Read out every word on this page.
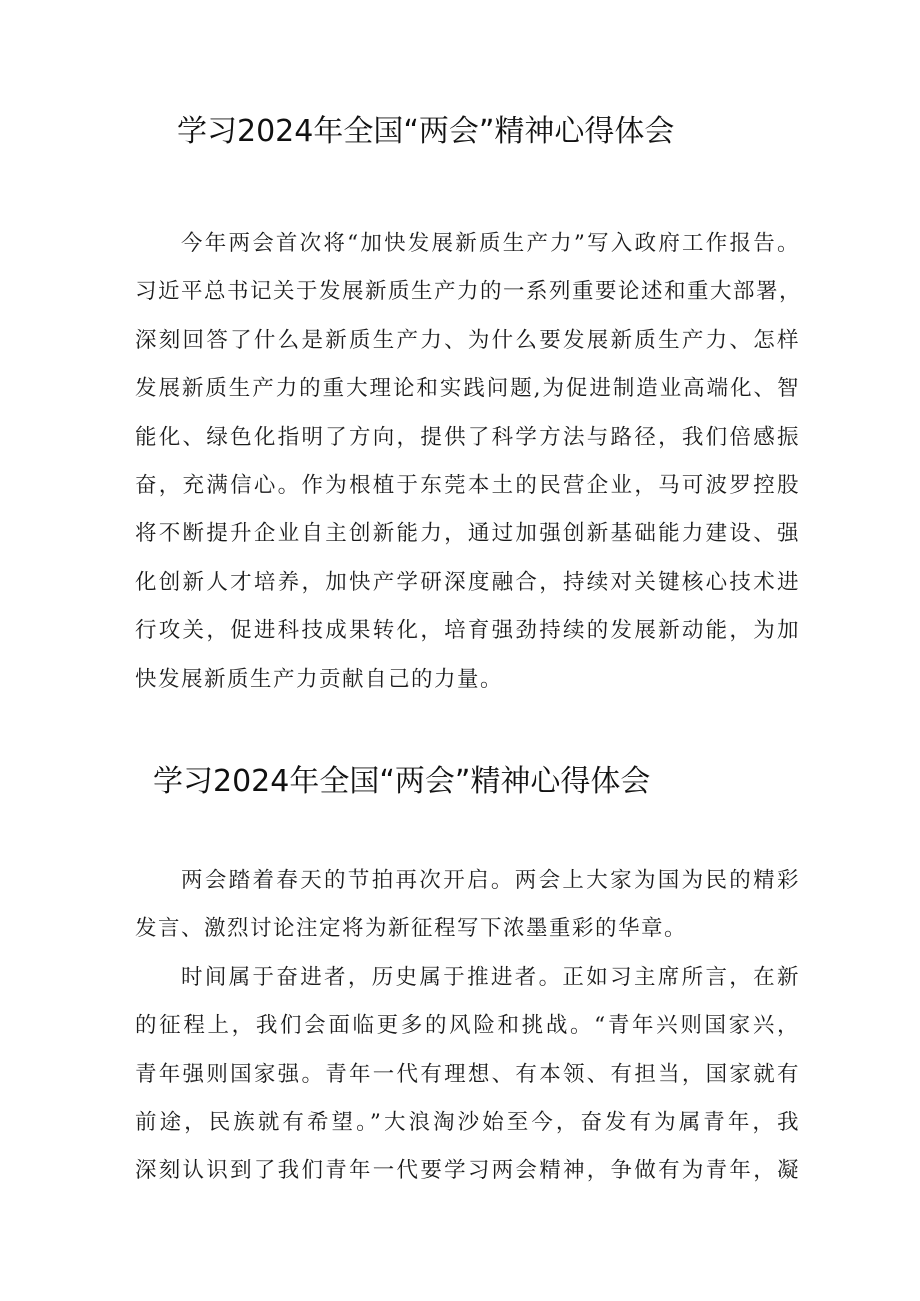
学习2024年全国“两会”精神心得体会
今年两会首次将“加快发展新质生产力”写入政府工作报告。
习近平总书记关于发展新质生产力的一系列重要论述和重大部署，
深刻回答了什么是新质生产力、为什么要发展新质生产力、怎样
发展新质生产力的重大理论和实践问题,为促进制造业高端化、智
能化、绿色化指明了方向，提供了科学方法与路径，我们倍感振
奋，充满信心。作为根植于东莞本土的民营企业，马可波罗控股
将不断提升企业自主创新能力，通过加强创新基础能力建设、强
化创新人才培养，加快产学研深度融合，持续对关键核心技术进
行攻关，促进科技成果转化，培育强劲持续的发展新动能，为加
快发展新质生产力贡献自己的力量。
学习2024年全国“两会”精神心得体会
两会踏着春天的节拍再次开启。两会上大家为国为民的精彩
发言、激烈讨论注定将为新征程写下浓墨重彩的华章。
时间属于奋进者，历史属于推进者。正如习主席所言，在新
的征程上，我们会面临更多的风险和挑战。“青年兴则国家兴，
青年强则国家强。青年一代有理想、有本领、有担当，国家就有
前途，民族就有希望。”大浪淘沙始至今，奋发有为属青年，我
深刻认识到了我们青年一代要学习两会精神，争做有为青年，凝
